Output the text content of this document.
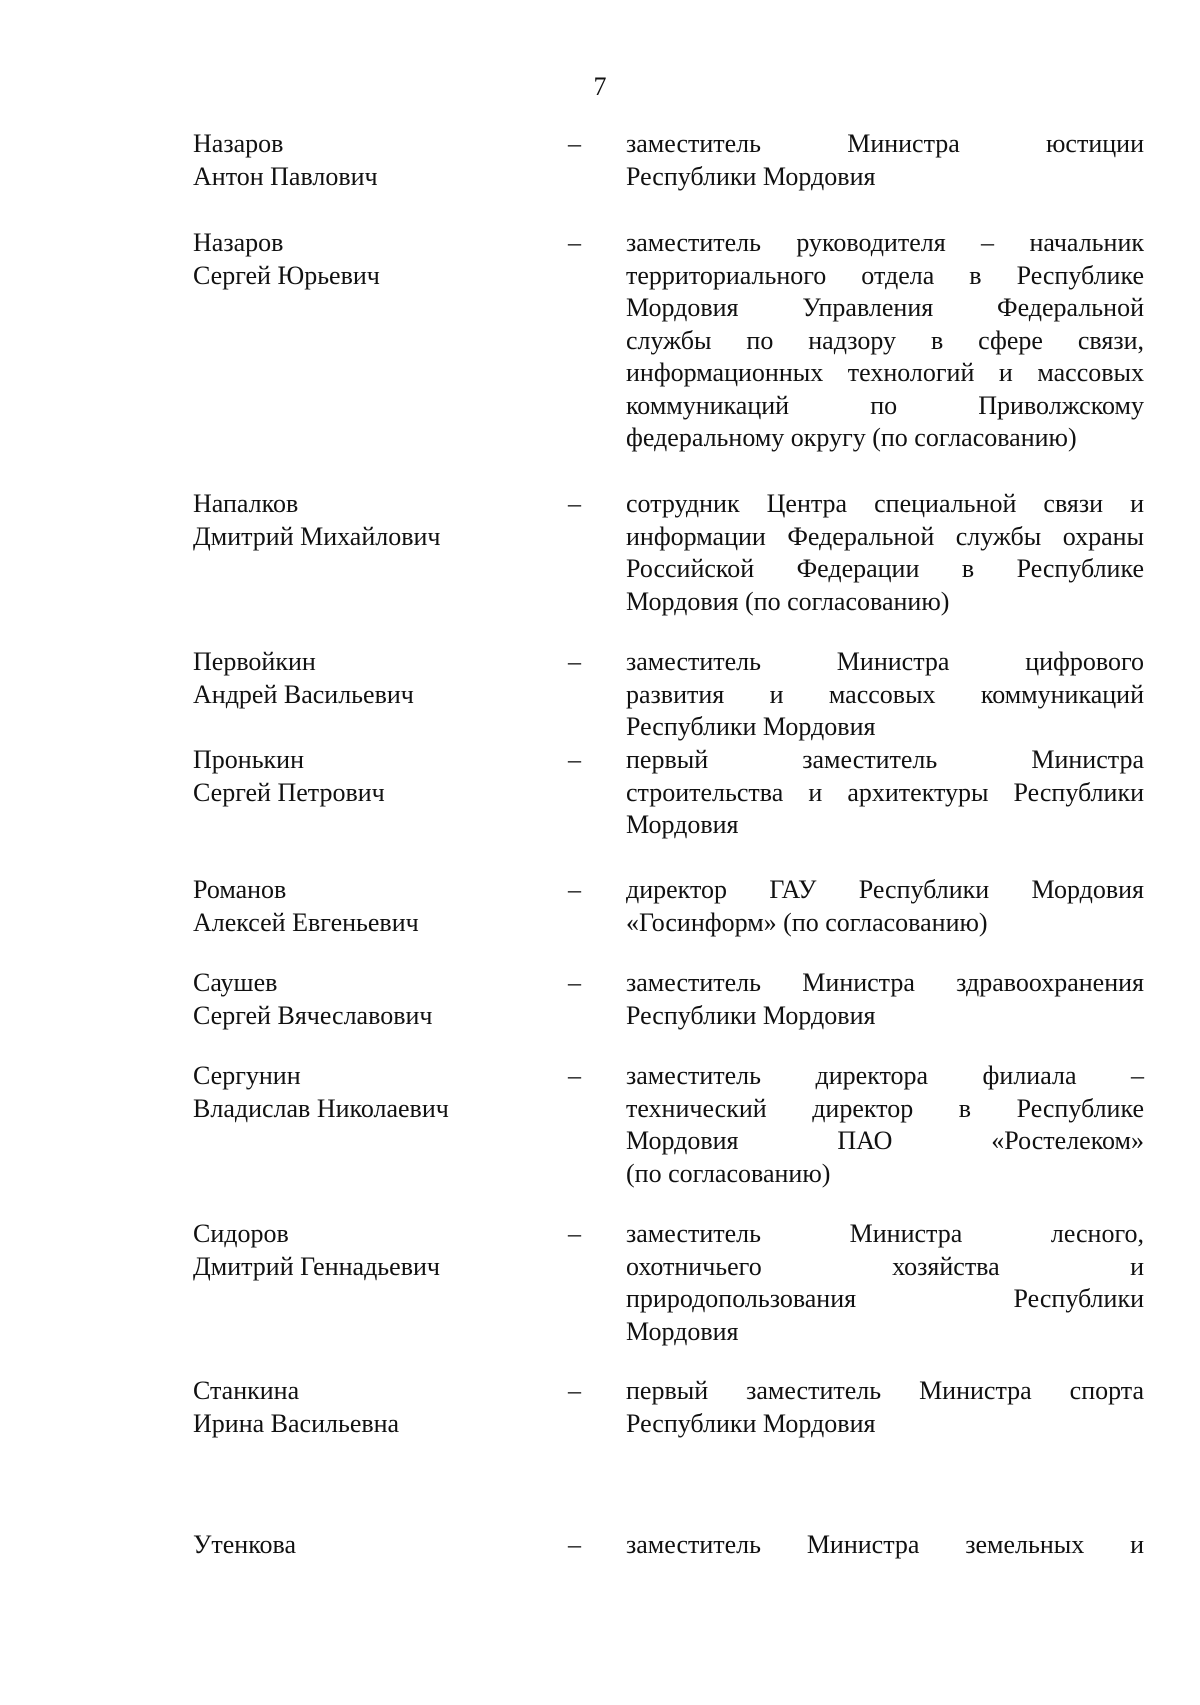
7
Назаров
Антон Павлович
– заместитель Министра юстиции
Республики Мордовия
Назаров
Сергей Юрьевич
– заместитель руководителя – начальник
территориального отдела в Республике
Мордовия Управления Федеральной
службы по надзору в сфере связи,
информационных технологий и массовых
коммуникаций по Приволжскому
федеральному округу (по согласованию)
Напалков
Дмитрий Михайлович
– сотрудник Центра специальной связи и
информации Федеральной службы охраны
Российской Федерации в Республике
Мордовия (по согласованию)
Первойкин
Андрей Васильевич
– заместитель Министра цифрового
развития и массовых коммуникаций
Республики Мордовия
Пронькин
Сергей Петрович
– первый заместитель Министра
строительства и архитектуры Республики
Мордовия
Романов
Алексей Евгеньевич
– директор ГАУ Республики Мордовия
«Госинформ» (по согласованию)
Саушев
Сергей Вячеславович
– заместитель Министра здравоохранения
Республики Мордовия
Сергунин
Владислав Николаевич
– заместитель директора филиала –
технический директор в Республике
Мордовия ПАО «Ростелеком»
(по согласованию)
Сидоров
Дмитрий Геннадьевич
– заместитель Министра лесного,
охотничьего хозяйства и
природопользования Республики
Мордовия
Станкина
Ирина Васильевна
– первый заместитель Министра спорта
Республики Мордовия
Утенкова	– заместитель Министра земельных и
